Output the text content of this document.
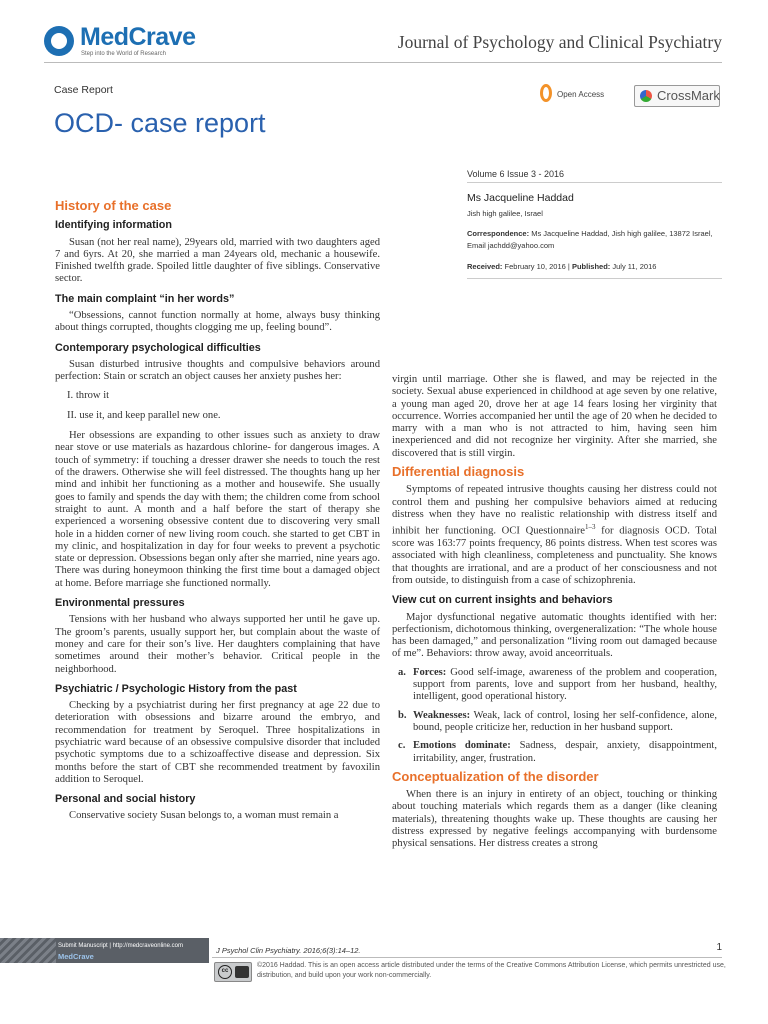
MedCrave
Step into the World of Research
Journal of Psychology and Clinical Psychiatry
Case Report
OCD- case report
Open Access	CrossMark
Volume 6 Issue 3 - 2016
Ms Jacqueline Haddad
Jish high galilee, Israel
Correspondence: Ms Jacqueline Haddad, Jish high galilee, 13872 Israel, Email jachdd@yahoo.com
Received: February 10, 2016 | Published: July 11, 2016
History of the case
Identifying information

Susan (not her real name), 29years old, married with two daughters aged 7 and 6yrs. At 20, she married a man 24years old, mechanic a housewife. Finished twelfth grade. Spoiled little daughter of five siblings. Conservative sector.

The main complaint “in her words”

“Obsessions, cannot function normally at home, always busy thinking about things corrupted, thoughts clogging me up, feeling bound”.

Contemporary psychological difficulties

Susan disturbed intrusive thoughts and compulsive behaviors around perfection: Stain or scratch an object causes her anxiety pushes her:

I. throw it
II. use it, and keep parallel new one.

Her obsessions are expanding to other issues such as anxiety to draw near stove or use materials as hazardous chlorine- for dangerous images. A touch of symmetry: if touching a dresser drawer she needs to touch the rest of the drawers. Otherwise she will feel distressed. The thoughts hang up her mind and inhibit her functioning as a mother and housewife. She usually goes to family and spends the day with them; the children come from school straight to aunt. A month and a half before the start of therapy she experienced a worsening obsessive content due to discovering very small hole in a hidden corner of new living room couch. she started to get CBT in my clinic, and hospitalization in day for four weeks to prevent a psychotic state or depression. Obsessions began only after she married, nine years ago. There was during honeymoon thinking the first time bout a damaged object at home. Before marriage she functioned normally.

Environmental pressures

Tensions with her husband who always supported her until he gave up. The groom’s parents, usually support her, but complain about the waste of money and care for their son’s live. Her daughters complaining that have sometimes around their mother’s behavior. Critical people in the neighborhood.

Psychiatric / Psychologic History from the past

Checking by a psychiatrist during her first pregnancy at age 22 due to deterioration with obsessions and bizarre around the embryo, and recommendation for treatment by Seroquel. Three hospitalizations in psychiatric ward because of an obsessive compulsive disorder that included psychotic symptoms due to a schizoaffective disease and depression. Six months before the start of CBT she recommended treatment by favoxilin addition to Seroquel.

Personal and social history

Conservative society Susan belongs to, a woman must remain a

virgin until marriage. Other she is flawed, and may be rejected in the society. Sexual abuse experienced in childhood at age seven by one relative, a young man aged 20, drove her at age 14 fears losing her virginity that occurrence. Worries accompanied her until the age of 20 when he decided to marry with a man who is not attracted to him, having seen him inexperienced and did not recognize her virginity. After she married, she discovered that is still virgin.

Differential diagnosis

Symptoms of repeated intrusive thoughts causing her distress could not control them and pushing her compulsive behaviors aimed at reducing distress when they have no realistic relationship with distress itself and inhibit her functioning. OCI Questionnaire$^{1-3}$ for diagnosis OCD. Total score was 163:77 points frequency, 86 points distress. When test scores was associated with high cleanliness, completeness and punctuality. She knows that thoughts are irrational, and are a product of her consciousness and not from outside, to distinguish from a case of schizophrenia.

View cut on current insights and behaviors

Major dysfunctional negative automatic thoughts identified with her: perfectionism, dichotomous thinking, overgeneralization: “The whole house has been damaged,” and personalization “living room out damaged because of me”. Behaviors: throw away, avoid anceorrituals.

a. Forces: Good self-image, awareness of the problem and cooperation, support from parents, love and support from her husband, healthy, intelligent, good operational history.
b. Weaknesses: Weak, lack of control, losing her self-confidence, alone, bound, people criticize her, reduction in her husband support.
c. Emotions dominate: Sadness, despair, anxiety, disappointment, irritability, anger, frustration.
Conceptualization of the disorder

When there is an injury in entirety of an object, touching or thinking about touching materials which regards them as a danger (like cleaning materials), threatening thoughts wake up. These thoughts are causing her distress expressed by negative feelings accompanying with burdensome physical sensations. Her distress creates a strong

Submit Manuscript | http://medcraveonline.com
MedCrave
J Psychol Clin Psychiatry. 2016;6(3):14‒12.	1
cc
©2016 Haddad. This is an open access article distributed under the terms of the Creative Commons Attribution License, which permits unrestricted use, distribution, and build upon your work non-commercially.
